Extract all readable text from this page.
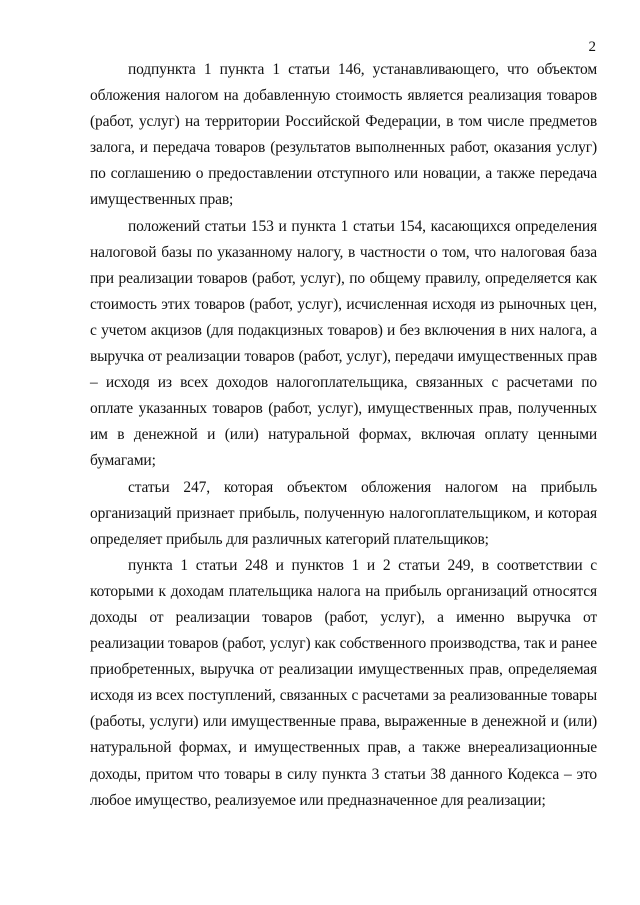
2

подпункта 1 пункта 1 статьи 146, устанавливающего, что объектом обложения налогом на добавленную стоимость является реализация товаров (работ, услуг) на территории Российской Федерации, в том числе предметов залога, и передача товаров (результатов выполненных работ, оказания услуг) по соглашению о предоставлении отступного или новации, а также передача имущественных прав;

положений статьи 153 и пункта 1 статьи 154, касающихся определения налоговой базы по указанному налогу, в частности о том, что налоговая база при реализации товаров (работ, услуг), по общему правилу, определяется как стоимость этих товаров (работ, услуг), исчисленная исходя из рыночных цен, с учетом акцизов (для подакцизных товаров) и без включения в них налога, а выручка от реализации товаров (работ, услуг), передачи имущественных прав – исходя из всех доходов налогоплательщика, связанных с расчетами по оплате указанных товаров (работ, услуг), имущественных прав, полученных им в денежной и (или) натуральной формах, включая оплату ценными бумагами;

статьи 247, которая объектом обложения налогом на прибыль организаций признает прибыль, полученную налогоплательщиком, и которая определяет прибыль для различных категорий плательщиков;

пункта 1 статьи 248 и пунктов 1 и 2 статьи 249, в соответствии с которыми к доходам плательщика налога на прибыль организаций относятся доходы от реализации товаров (работ, услуг), а именно выручка от реализации товаров (работ, услуг) как собственного производства, так и ранее приобретенных, выручка от реализации имущественных прав, определяемая исходя из всех поступлений, связанных с расчетами за реализованные товары (работы, услуги) или имущественные права, выраженные в денежной и (или) натуральной формах, и имущественных прав, а также внереализационные доходы, притом что товары в силу пункта 3 статьи 38 данного Кодекса – это любое имущество, реализуемое или предназначенное для реализации;
